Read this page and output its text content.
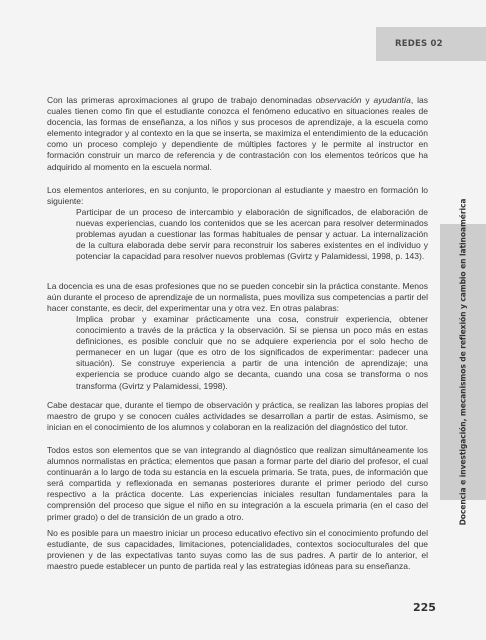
REDES 02
Docencia e investigación, mecanismos de reflexión y cambio en latinoamérica

Con las primeras aproximaciones al grupo de trabajo denominadas observación y ayudantía, las cuales tienen como fin que el estudiante conozca el fenómeno educativo en situaciones reales de docencia, las formas de enseñanza, a los niños y sus procesos de aprendizaje, a la escuela como elemento integrador y al contexto en la que se inserta, se maximiza el entendimiento de la educación como un proceso complejo y dependiente de múltiples factores y le permite al instructor en formación construir un marco de referencia y de contrastación con los elementos teóricos que ha adquirido al momento en la escuela normal.

Los elementos anteriores, en su conjunto, le proporcionan al estudiante y maestro en formación lo siguiente:

Participar de un proceso de intercambio y elaboración de significados, de elaboración de nuevas experiencias, cuando los contenidos que se les acercan para resolver determinados problemas ayudan a cuestionar las formas habituales de pensar y actuar. La internalización de la cultura elaborada debe servir para reconstruir los saberes existentes en el individuo y potenciar la capacidad para resolver nuevos problemas (Gvirtz y Palamidessi, 1998, p. 143).

La docencia es una de esas profesiones que no se pueden concebir sin la práctica constante. Menos aún durante el proceso de aprendizaje de un normalista, pues moviliza sus competencias a partir del hacer constante, es decir, del experimentar una y otra vez. En otras palabras:

Implica probar y examinar prácticamente una cosa, construir experiencia, obtener conocimiento a través de la práctica y la observación. Si se piensa un poco más en estas definiciones, es posible concluir que no se adquiere experiencia por el solo hecho de permanecer en un lugar (que es otro de los significados de experimentar: padecer una situación). Se construye experiencia a partir de una intención de aprendizaje; una experiencia se produce cuando algo se decanta, cuando una cosa se transforma o nos transforma (Gvirtz y Palamidessi, 1998).

Cabe destacar que, durante el tiempo de observación y práctica, se realizan las labores propias del maestro de grupo y se conocen cuáles actividades se desarrollan a partir de estas. Asimismo, se inician en el conocimiento de los alumnos y colaboran en la realización del diagnóstico del tutor.

Todos estos son elementos que se van integrando al diagnóstico que realizan simultáneamente los alumnos normalistas en práctica; elementos que pasan a formar parte del diario del profesor, el cual continuarán a lo largo de toda su estancia en la escuela primaria. Se trata, pues, de información que será compartida y reflexionada en semanas posteriores durante el primer periodo del curso respectivo a la práctica docente. Las experiencias iniciales resultan fundamentales para la comprensión del proceso que sigue el niño en su integración a la escuela primaria (en el caso del primer grado) o del de transición de un grado a otro.

No es posible para un maestro iniciar un proceso educativo efectivo sin el conocimiento profundo del estudiante, de sus capacidades, limitaciones, potencialidades, contextos socioculturales del que provienen y de las expectativas tanto suyas como las de sus padres. A partir de lo anterior, el maestro puede establecer un punto de partida real y las estrategias idóneas para su enseñanza.

225
